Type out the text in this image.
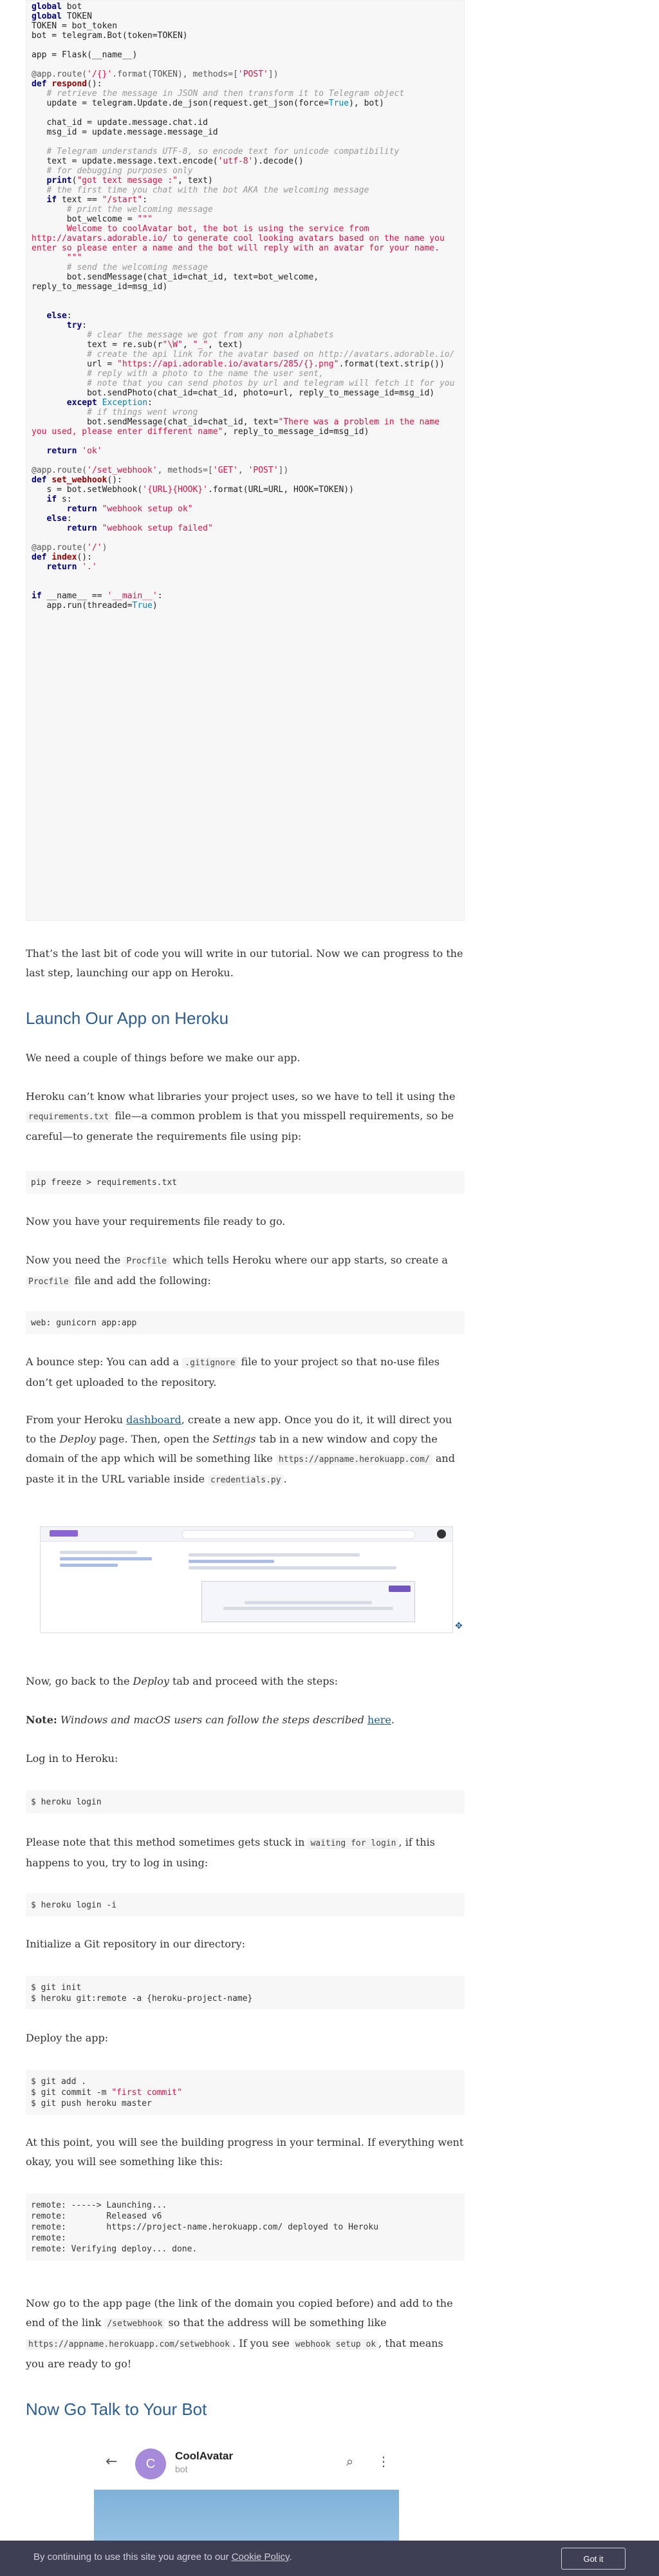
global bot
global TOKEN
TOKEN = bot_token
bot = telegram.Bot(token=TOKEN)
app = Flask(__name__)
@app.route('/{}'.format(TOKEN), methods=['POST'])
def respond():
# retrieve the message in JSON and then transform it to Telegram object
update = telegram.Update.de_json(request.get_json(force=True), bot)
chat_id = update.message.chat.id
msg_id = update.message.message_id
# Telegram understands UTF-8, so encode text for unicode compatibility
text = update.message.text.encode('utf-8').decode()
# for debugging purposes only
print("got text message :", text)
# the first time you chat with the bot AKA the welcoming message
if text == "/start":
# print the welcoming message
bot_welcome = """
Welcome to coolAvatar bot, the bot is using the service from http://avatars.adorable.io/ to generate cool looking avatars based on the name you enter so please enter a name and the bot will reply with an avatar for your name.
"""
# send the welcoming message
bot.sendMessage(chat_id=chat_id, text=bot_welcome, reply_to_message_id=msg_id)
else:
try:
# clear the message we got from any non alphabets
text = re.sub(r"\W", "_", text)
# create the api link for the avatar based on http://avatars.adorable.io/
url = "https://api.adorable.io/avatars/285/{}.png".format(text.strip())
# reply with a photo to the name the user sent,
# note that you can send photos by url and telegram will fetch it for you
bot.sendPhoto(chat_id=chat_id, photo=url, reply_to_message_id=msg_id)
except Exception:
# if things went wrong
bot.sendMessage(chat_id=chat_id, text="There was a problem in the name you used, please enter different name", reply_to_message_id=msg_id)
return 'ok'
@app.route('/set_webhook', methods=['GET', 'POST'])
def set_webhook():
s = bot.setWebhook('{URL}{HOOK}'.format(URL=URL, HOOK=TOKEN))
if s:
return "webhook setup ok"
else:
return "webhook setup failed"
@app.route('/')
def index():
return '.'
if __name__ == '__main__':
app.run(threaded=True)

That’s the last bit of code you will write in our tutorial. Now we can progress to the last step, launching our app on Heroku.

Launch Our App on Heroku

We need a couple of things before we make our app.

Heroku can’t know what libraries your project uses, so we have to tell it using the requirements.txt file—a common problem is that you misspell requirements, so be careful—to generate the requirements file using pip:

pip freeze > requirements.txt

Now you have your requirements file ready to go.

Now you need the Procfile which tells Heroku where our app starts, so create a Procfile file and add the following:

web: gunicorn app:app

A bounce step: You can add a .gitignore file to your project so that no-use files don’t get uploaded to the repository.

From your Heroku dashboard, create a new app. Once you do it, it will direct you to the Deploy page. Then, open the Settings tab in a new window and copy the domain of the app which will be something like https://appname.herokuapp.com/ and paste it in the URL variable inside credentials.py .

✥

Now, go back to the Deploy tab and proceed with the steps:

Note: Windows and macOS users can follow the steps described here.

Log in to Heroku:

$ heroku login

Please note that this method sometimes gets stuck in waiting for login , if this happens to you, try to log in using:

$ heroku login -i

Initialize a Git repository in our directory:

$ git init
$ heroku git:remote -a {heroku-project-name}

Deploy the app:

$ git add .
$ git commit -m "first commit"
$ git push heroku master

At this point, you will see the building progress in your terminal. If everything went okay, you will see something like this:

remote: -----> Launching...
remote:        Released v6
remote:        https://project-name.herokuapp.com/ deployed to Heroku
remote:
remote: Verifying deploy... done.

Now go to the app page (the link of the domain you copied before) and add to the end of the link /setwebhook so that the address will be something like https://appname.herokuapp.com/setwebhook . If you see webhook setup ok , that means you are ready to go!

Now Go Talk to Your Bot
←	C
CoolAvatar
bot	⌕ ⋮
By continuing to use this site you agree to our Cookie Policy.	Got it
